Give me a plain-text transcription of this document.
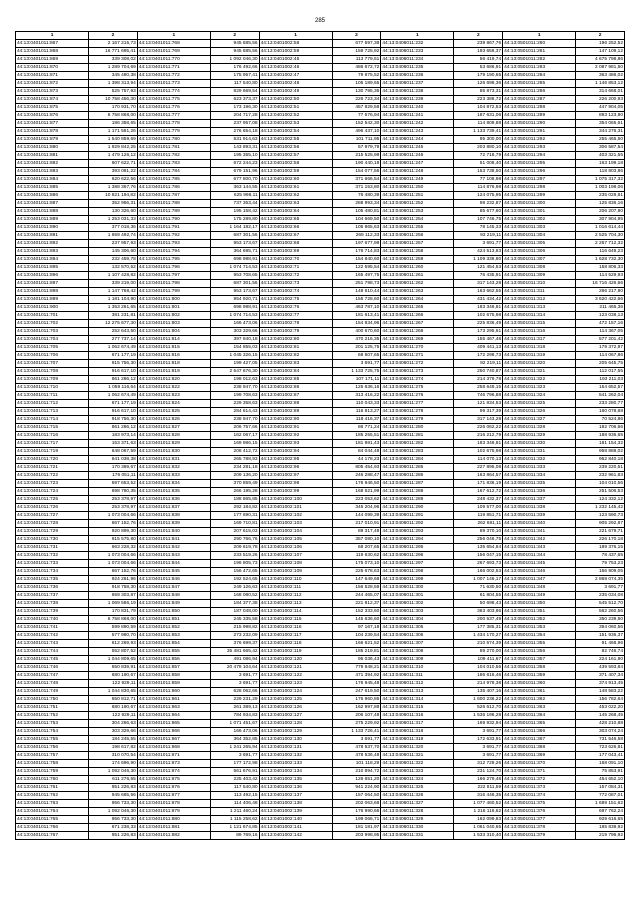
285
1	2	1	2	1	2	1	2	1	2
44:13:0401011:867	2 167 215,73	44:13:0401011:768	945 685,56	44:13:0401002:58	677 597,38	44:13:0408011:232	239 867,76	44:13:0501011:280	196 252,52
44:13:0401011:868	16 771 695,41	44:13:0401011:769	945 685,56	44:13:0401002:59	159 725,92	44:13:0408011:233	193 656,37	44:13:0501011:281	147 109,12
44:13:0401011:869	339 308,02	44:13:0401011:770	1 092 046,30	44:13:0401002:45	113 779,51	44:13:0408011:234	56 419,74	44:13:0501011:282	4 675 798,86
44:13:0401011:870	1 289 704,69	44:13:0401011:771	176 492,66	44:13:0401002:46	486 672,72	44:13:0408011:235	53 686,91	44:13:0501011:283	2 087 981,50
44:13:0401011:871	345 480,38	44:13:0401011:772	175 957,41	44:13:0401002:47	79 875,52	44:13:0408011:236	179 190,65	44:13:0501011:284	363 486,02
44:13:0401011:872	1 398 313,94	44:13:0401011:773	117 540,80	44:13:0401002:48	105 189,65	44:13:0408011:237	126 698,36	44:13:0501011:285	1 146 853,12
44:13:0401011:873	525 757,93	44:13:0401011:774	829 669,54	44:13:0401002:49	130 795,36	44:13:0408011:238	85 873,31	44:13:0501011:286	314 668,01
44:13:0401011:874	10 758 456,30	44:13:0401011:775	623 373,37	44:13:0401002:50	226 723,34	44:13:0408011:239	223 388,72	44:13:0501011:287	226 200,93
44:13:0401011:875	170 931,70	44:13:0401011:776	173 196,30	44:13:0401002:51	457 829,58	44:13:0408011:240	104 872,53	44:13:0501011:288	447 904,05
44:13:0401011:876	6 758 868,00	44:13:0401011:777	204 717,28	44:13:0401002:52	77 576,94	44:13:0408011:241	187 631,06	44:13:0501011:289	893 123,90
44:13:0401011:877	186 358,65	44:13:0401011:778	237 957,08	44:13:0401002:53	152 542,30	44:13:0408011:242	114 809,88	44:13:0501011:290	354 065,61
44:13:0401011:878	1 171 581,26	44:13:0401011:779	276 654,18	44:13:0401002:54	496 437,10	44:13:0408011:243	1 133 739,41	44:13:0501011:291	344 276,31
44:13:0401011:879	1 540 859,69	44:13:0401011:780	531 914,63	44:13:0401002:55	101 711,95	44:13:0408011:244	95 300,00	44:13:0501011:292	255 465,50
44:13:0401011:880	1 929 842,25	44:13:0401011:781	143 893,31	44:13:0401002:56	57 979,79	44:13:0408011:245	203 880,10	44:13:0501011:293	306 587,54
44:13:0401011:881	1 479 126,12	44:13:0401011:782	195 355,10	44:13:0401002:57	215 525,98	44:13:0408011:246	72 718,79	44:13:0501011:294	403 321,55
44:13:0401011:882	607 622,71	44:13:0401011:783	672 244,23	44:13:0401002:58	190 440,19	44:13:0408011:247	51 008,40	44:13:0501011:295	163 199,18
44:13:0401011:883	393 081,22	44:13:0401011:784	679 151,96	44:13:0401002:59	154 077,56	44:13:0408011:248	153 738,50	44:13:0501011:296	118 803,86
44:13:0401011:884	620 622,56	44:13:0401011:785	677 800,70	44:13:0401002:60	371 666,54	44:13:0408011:249	77 108,98	44:13:0501011:297	1 075 317,32
44:13:0401011:885	1 388 367,76	44:13:0401011:786	363 144,55	44:13:0401002:61	371 153,80	44:13:0408011:250	114 876,98	44:13:0501011:298	1 003 198,06
44:13:0401011:886	10 821 194,82	44:13:0401011:787	625 998,11	44:13:0401002:62	76 480,39	44:13:0408011:251	124 075,95	44:13:0501011:299	235 028,81
44:13:0401011:887	352 956,31	44:13:0401011:788	737 353,44	44:13:0401002:63	288 993,34	44:13:0408011:252	98 232,87	44:13:0501011:300	125 836,16
44:13:0401011:888	130 326,60	44:13:0401011:789	195 158,42	44:13:0401002:64	105 480,81	44:13:0408011:253	85 677,60	44:13:0501011:301	206 207,90
44:13:0401011:889	1 253 031,33	44:13:0401011:790	175 289,80	44:13:0401002:65	104 669,50	44:13:0408011:254	107 746,75	44:13:0501011:302	307 904,95
44:13:0401011:890	377 018,36	44:13:0401011:791	1 164 182,17	44:13:0401002:66	105 965,63	44:13:0408011:255	78 145,33	44:13:0501011:303	1 016 614,44
44:13:0401011:891	1 659 492,74	44:13:0401011:792	687 301,56	44:13:0401002:67	269 112,33	44:13:0408011:256	93 219,11	44:13:0501011:304	2 525 704,30
44:13:0401011:892	237 957,93	44:13:0401011:793	953 173,67	44:13:0401002:68	197 677,98	44:13:0408011:257	3 691,77	44:13:0501011:305	2 267 712,32
44:13:0401011:893	145 306,60	44:13:0401011:794	364 695,71	44:13:0401002:69	176 714,83	44:13:0408011:258	424 513,83	44:13:0501011:306	116 649,23
44:13:0401011:894	232 459,78	44:13:0401011:795	698 988,91	44:13:0401002:70	154 840,60	44:13:0408011:259	1 109 338,80	44:13:0501011:307	1 628 732,30
44:13:0401011:895	132 570,52	44:13:0401011:796	1 074 714,53	44:13:0401002:71	122 595,54	44:13:0408011:260	121 454,53	44:13:0501011:308	158 806,33
44:13:0401011:896	1 107 428,82	44:13:0401011:797	953 708,65	44:13:0401002:72	165 497,75	44:13:0408011:261	76 435,91	44:13:0501011:309	114 529,93
44:13:0401011:897	339 219,00	44:13:0401011:798	687 301,56	44:13:0401002:73	251 798,73	44:13:0408011:262	317 143,28	44:13:0501011:310	16 716 426,66
44:13:0401011:898	1 147 768,42	44:13:0401011:799	953 173,67	44:13:0401002:74	148 610,44	44:13:0408011:263	163 662,55	44:13:0501011:311	266 217,90
44:13:0401011:899	1 181 104,90	44:13:0401011:800	954 920,71	44:13:0401002:75	155 728,60	44:13:0408011:264	431 434,42	44:13:0501011:312	3 620 422,66
44:13:0401011:900	1 353 261,65	44:13:0401011:801	698 988,91	44:13:0401002:76	463 787,10	44:13:0408011:265	183 346,81	44:13:0501011:313	211 465,36
44:13:0401011:701	381 231,81	44:13:0401011:802	1 074 714,53	44:13:0401002:77	181 613,41	44:13:0408011:266	102 675,98	44:13:0501011:314	123 038,13
44:13:0401011:702	12 275 677,30	44:13:0401011:803	166 473,06	44:13:0401002:78	154 834,96	44:13:0408011:267	225 836,49	44:13:0501011:315	472 157,16
44:13:0401011:703	252 643,50	44:13:0401011:804	303 329,66	44:13:0401002:79	400 670,60	44:13:0408011:268	173 295,61	44:13:0501011:316	114 367,05
44:13:0401011:704	277 737,14	44:13:0401011:814	397 940,18	44:13:0401002:80	470 216,35	44:13:0408011:269	155 467,48	44:13:0501011:317	577 201,42
44:13:0401011:705	1 062 674,49	44:13:0401011:815	154 855,03	44:13:0401002:81	201 125,75	44:13:0408011:270	409 441,13	44:13:0501011:318	179 372,97
44:13:0401011:706	671 177,19	44:13:0401011:816	1 045 326,15	44:13:0401002:82	68 507,65	44:13:0408011:271	172 298,73	44:13:0501011:319	114 067,86
44:13:0401011:707	915 756,30	44:13:0401011:818	199 427,05	44:13:0401002:83	3 691,77	44:13:0408011:272	92 219,11	44:13:0501011:320	205 645,75
44:13:0401011:708	916 617,10	44:13:0401011:819	2 547 676,30	44:13:0401002:84	1 133 725,75	44:13:0408011:273	250 740,87	44:13:0501011:321	112 017,55
44:13:0401011:709	861 286,12	44:13:0401011:820	198 012,63	44:13:0401002:85	107 171,11	44:13:0408011:274	214 379,78	44:13:0501011:322	193 211,03
44:13:0401011:710	1 059 116,64	44:13:0401011:822	238 947,70	44:13:0401002:86	125 636,16	44:13:0408011:275	258 648,15	44:13:0501011:323	154 652,57
44:13:0401011:711	1 062 674,49	44:13:0401011:823	199 708,63	44:13:0401002:87	313 416,22	44:13:0408011:276	746 796,88	44:13:0501011:324	541 262,04
44:13:0401011:712	671 177,19	44:13:0401011:824	229 358,63	44:13:0401002:88	110 043,33	44:13:0408011:277	121 834,53	44:13:0501011:325	233 280,77
44:13:0401011:713	916 617,10	44:13:0401011:825	284 614,43	44:13:0401002:89	116 813,27	44:13:0408011:278	99 317,39	44:13:0501011:326	160 078,68
44:13:0401011:714	918 756,30	44:13:0401011:826	238 947,70	44:13:0401002:90	118 416,37	44:13:0408011:279	317 143,28	44:13:0501011:327	70 524,86
44:13:0401011:715	861 286,12	44:13:0401011:827	206 757,66	44:13:0401002:91	86 771,24	44:13:0408011:280	226 062,22	44:13:0501011:328	182 706,66
44:13:0401011:716	183 973,14	44:13:0401011:828	162 067,17	44:13:0401002:92	185 255,51	44:13:0408011:281	216 212,79	44:13:0501011:329	188 936,65
44:13:0401011:717	153 371,63	44:13:0401011:829	169 986,15	44:13:0401002:93	181 981,43	44:13:0408011:282	183 346,81	44:13:0501011:330	181 154,32
44:13:0401011:719	648 067,59	44:13:0401011:830	208 412,72	44:13:0401002:94	84 044,48	44:13:0408011:283	102 675,98	44:13:0501011:331	958 888,02
44:13:0401011:720	641 038,38	44:13:0401011:831	265 788,93	44:13:0401002:95	44 178,23	44:13:0408011:284	114 070,13	44:13:0501011:332	952 840,18
44:13:0401011:721	170 389,67	44:13:0401011:832	234 281,18	44:13:0401002:96	805 454,93	44:13:0408011:285	227 895,08	44:13:0501011:333	239 220,51
44:13:0401011:722	176 051,11	44:13:0401011:833	209 136,20	44:13:0401002:97	246 288,47	44:13:0408011:286	163 864,57	44:13:0501011:334	232 961,83
44:13:0401011:723	697 653,52	44:13:0401011:834	370 859,49	44:13:0401002:98	176 946,50	44:13:0408011:287	171 836,19	44:13:0501011:335	104 010,56
44:13:0401011:724	698 780,35	44:13:0401011:835	266 195,28	44:13:0401002:99	168 621,99	44:13:0408011:288	167 612,72	44:13:0501011:336	251 506,53
44:13:0401011:725	253 378,97	44:13:0401011:836	188 865,85	44:13:0401002:100	223 053,62	44:13:0408011:289	248 432,37	44:13:0501011:337	124 332,12
44:13:0401011:726	253 378,97	44:13:0401011:837	292 184,82	44:13:0401002:101	345 204,96	44:13:0408011:290	109 577,00	44:13:0501011:338	1 232 145,42
44:13:0401011:727	1 073 004,66	44:13:0401011:838	177 690,31	44:13:0401002:102	144 099,39	44:13:0408011:291	119 851,71	44:13:0501011:339	123 590,73
44:13:0401011:728	667 152,76	44:13:0401011:839	169 710,81	44:13:0401002:103	217 010,91	44:13:0408011:292	262 681,11	44:13:0501011:340	905 292,87
44:13:0401011:729	920 899,30	44:13:0401011:840	207 615,03	44:13:0401002:104	89 317,49	44:13:0408011:293	89 370,10	44:13:0501011:341	221 679,71
44:13:0401011:730	915 575,80	44:13:0401011:841	290 766,76	44:13:0401002:105	357 080,10	44:13:0408011:294	256 046,75	44:13:0501011:342	226 170,18
44:13:0401011:731	663 228,32	44:13:0401011:842	209 619,78	44:13:0401002:106	68 207,65	44:13:0408011:295	135 654,84	44:13:0501011:343	189 376,15
44:13:0401011:732	1 073 004,66	44:13:0401011:843	233 519,26	44:13:0401002:107	119 630,62	44:13:0408011:296	156 047,15	44:13:0501011:344	78 437,65
44:13:0401011:733	1 073 004,66	44:13:0401011:844	196 805,73	44:13:0401002:108	175 073,10	44:13:0408011:297	267 693,73	44:13:0501011:345	79 753,23
44:13:0401011:734	667 152,76	44:13:0401011:845	156 472,65	44:13:0401002:109	225 678,63	44:13:0408011:298	166 002,53	44:13:0501011:346	166 909,05
44:13:0401011:735	924 261,96	44:13:0401011:846	192 524,65	44:13:0401002:110	147 649,68	44:13:0408011:299	1 007 146,17	44:13:0501011:347	2 869 074,35
44:13:0401011:736	918 758,30	44:13:0401011:847	249 126,63	44:13:0401002:111	156 528,59	44:13:0408011:300	71 630,50	44:13:0501011:348	3 691,77
44:13:0401011:737	659 303,87	44:13:0401011:848	168 080,52	44:13:0401002:112	244 465,07	44:13:0408011:301	61 804,55	44:13:0501011:349	235 034,08
44:13:0401011:738	1 069 586,19	44:13:0401011:849	184 377,38	44:13:0401002:113	221 812,37	44:13:0408011:302	50 698,43	44:13:0501011:350	545 512,70
44:13:0401011:739	170 831,79	44:13:0401011:850	187 048,00	44:13:0401002:114	152 333,60	44:13:0408011:303	363 403,86	44:13:0501011:351	562 260,56
44:13:0401011:740	6 758 868,00	44:13:0401011:851	245 335,58	44:13:0401002:115	145 636,60	44:13:0408011:304	200 537,49	44:13:0501011:352	350 239,50
44:13:0401011:741	599 890,59	44:13:0401011:852	215 998,82	44:13:0401002:116	97 167,18	44:13:0408011:305	177 385,31	44:13:0501011:353	394 060,56
44:13:0401011:742	577 980,70	44:13:0401011:853	273 232,09	44:13:0401002:117	104 239,54	44:13:0408011:306	1 434 170,27	44:13:0501011:354	151 936,37
44:13:0401011:743	612 269,93	44:13:0401011:854	376 699,37	44:13:0401002:118	166 621,52	44:13:0408011:307	210 574,39	44:13:0501011:355	91 468,96
44:13:0401011:744	552 807,52	44:13:0401011:855	35 481 665,42	44:13:0401002:119	185 219,81	44:13:0408011:308	89 270,00	44:13:0501011:356	82 746,74
44:13:0401011:745	1 044 809,65	44:13:0401011:856	491 086,94	44:13:0401002:120	95 036,43	44:13:0408011:309	109 411,67	44:13:0501011:357	224 161,90
44:13:0401011:746	650 839,91	44:13:0401011:857	20 478 104,64	44:13:0401002:121	779 848,21	44:13:0408011:310	104 010,56	44:13:0501011:358	439 593,84
44:13:0401011:747	680 190,67	44:13:0401011:858	3 691,77	44:13:0401002:122	471 394,92	44:13:0408011:311	186 616,46	44:13:0501011:359	371 407,34
44:13:0401011:748	122 929,11	44:13:0401011:859	3 691,77	44:13:0401002:123	176 945,48	44:13:0408011:312	214 978,38	44:13:0501011:360	374 913,45
44:13:0401011:749	1 044 830,65	44:13:0401011:860	628 062,66	44:13:0401002:124	247 619,50	44:13:0408011:313	135 407,16	44:13:0501011:361	148 583,22
44:13:0401011:750	650 812,71	44:13:0401011:861	229 231,29	44:13:0401002:125	176 960,86	44:13:0408011:314	1 600 236,22	44:13:0501011:362	156 782,64
44:13:0401011:751	680 190,67	44:13:0401011:863	261 389,13	44:13:0401002:126	162 997,88	44:13:0408011:315	526 612,70	44:13:0501011:363	453 022,20
44:13:0401011:752	122 929,11	44:13:0401011:864	784 934,83	44:13:0401002:127	206 107,48	44:13:0408011:316	1 536 196,28	44:13:0501011:364	145 268,45
44:13:0401011:753	304 266,63	44:13:0401011:865	1 071 451,67	44:13:0401002:128	275 229,92	44:13:0408011:317	169 932,94	44:13:0501011:365	428 210,88
44:13:0401011:754	303 329,66	44:13:0401011:866	166 473,06	44:13:0401002:129	1 133 726,41	44:13:0408011:318	3 691,77	44:13:0501011:366	303 074,24
44:13:0401011:755	184 245,55	44:13:0401011:867	364 352,85	44:13:0401002:130	3 691,77	44:13:0408011:319	172 633,91	44:13:0501011:367	731 546,58
44:13:0401011:756	198 617,82	44:13:0401011:868	1 241 265,94	44:13:0401002:131	478 537,70	44:13:0408011:320	3 691,77	44:13:0501011:368	723 626,81
44:13:0401011:757	310 070,54	44:13:0401011:871	3 691,77	44:13:0401002:132	478 536,48	44:13:0408011:321	3 691,77	44:13:0501011:369	177 043,41
44:13:0401011:758	174 696,90	44:13:0401011:873	177 172,98	44:13:0401002:133	101 118,29	44:13:0408011:322	312 729,26	44:13:0501011:370	168 091,10
44:13:0401011:759	1 092 046,30	44:13:0401011:874	561 676,91	44:13:0401002:134	210 894,72	44:13:0408011:323	231 124,70	44:13:0501011:371	75 853,91
44:13:0401011:760	611 276,55	44:13:0401011:875	225 403,42	44:13:0401002:135	126 651,20	44:13:0408011:324	166 279,48	44:13:0501011:372	454 652,10
44:13:0401011:761	951 226,83	44:13:0401011:876	117 540,80	44:13:0401002:136	941 224,90	44:13:0408011:325	222 811,59	44:13:0501011:373	157 084,31
44:13:0401011:762	945 685,56	44:13:0401011:877	113 492,15	44:13:0401002:137	157 064,50	44:13:0408011:326	316 446,35	44:13:0501011:374	772 087,01
44:13:0401011:763	956 733,30	44:13:0401011:878	114 406,48	44:13:0401002:138	202 063,68	44:13:0408011:327	1 077 460,52	44:13:0501011:375	1 689 151,62
44:13:0401011:764	1 092 046,30	44:13:0401011:879	1 211 460,24	44:13:0401002:139	176 990,66	44:13:0408011:328	1 216 116,62	44:13:0501011:376	697 762,24
44:13:0401011:765	956 733,30	44:13:0401011:880	1 115 258,62	44:13:0401002:140	199 066,71	44:13:0408011:329	162 099,83	44:13:0501011:377	929 616,65
44:13:0401011:766	671 238,33	44:13:0401011:881	1 121 674,85	44:13:0401002:141	181 181,97	44:13:0408011:330	1 061 040,65	44:13:0501011:378	185 838,92
44:13:0401011:767	951 226,83	44:13:0401011:882	89 769,16	44:13:0401002:142	203 998,95	44:13:0408011:331	1 533 310,40	44:13:0501011:379	219 796,92
